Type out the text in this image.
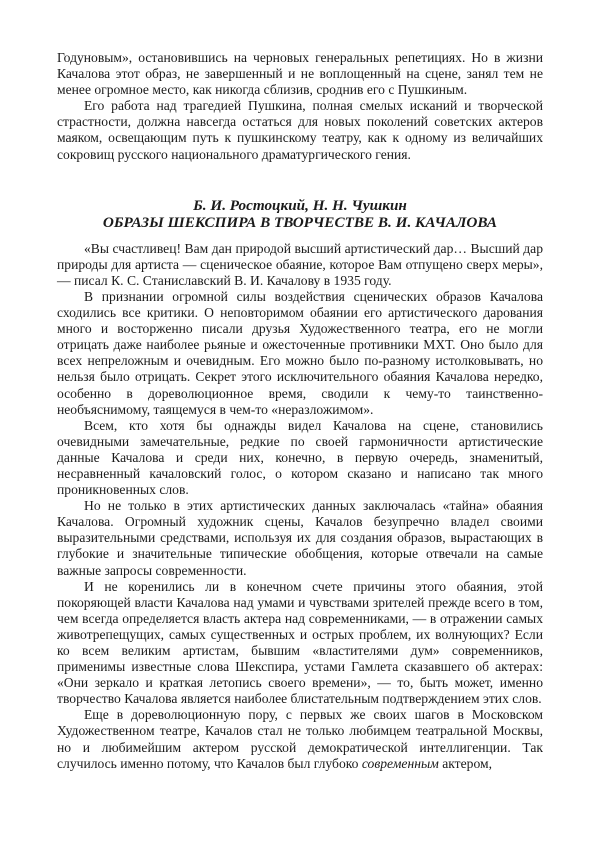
Годуновым», остановившись на черновых генеральных репетициях. Но в жизни Качалова этот образ, не завершенный и не воплощенный на сцене, занял тем не менее огромное место, как никогда сблизив, сроднив его с Пушкиным.

Его работа над трагедией Пушкина, полная смелых исканий и творческой страстности, должна навсегда остаться для новых поколений советских актеров маяком, освещающим путь к пушкинскому театру, как к одному из величайших сокровищ русского национального драматургического гения.

Б. И. Ростоцкий, Н. Н. Чушкин
ОБРАЗЫ ШЕКСПИРА В ТВОРЧЕСТВЕ В. И. КАЧАЛОВА

«Вы счастливец! Вам дан природой высший артистический дар… Высший дар природы для артиста — сценическое обаяние, которое Вам отпущено сверх меры», — писал К. С. Станиславский В. И. Качалову в 1935 году.

В признании огромной силы воздействия сценических образов Качалова сходились все критики. О неповторимом обаянии его артистического дарования много и восторженно писали друзья Художественного театра, его не могли отрицать даже наиболее рьяные и ожесточенные противники МХТ. Оно было для всех непреложным и очевидным. Его можно было по-разному истолковывать, но нельзя было отрицать. Секрет этого исключительного обаяния Качалова нередко, особенно в дореволюционное время, сводили к чему-то таинственно-необъяснимому, таящемуся в чем-то «неразложимом».

Всем, кто хотя бы однажды видел Качалова на сцене, становились очевидными замечательные, редкие по своей гармоничности артистические данные Качалова и среди них, конечно, в первую очередь, знаменитый, несравненный качаловский голос, о котором сказано и написано так много проникновенных слов.

Но не только в этих артистических данных заключалась «тайна» обаяния Качалова. Огромный художник сцены, Качалов безупречно владел своими выразительными средствами, используя их для создания образов, вырастающих в глубокие и значительные типические обобщения, которые отвечали на самые важные запросы современности.

И не коренились ли в конечном счете причины этого обаяния, этой покоряющей власти Качалова над умами и чувствами зрителей прежде всего в том, чем всегда определяется власть актера над современниками, — в отражении самых животрепещущих, самых существенных и острых проблем, их волнующих? Если ко всем великим артистам, бывшим «властителями дум» современников, применимы известные слова Шекспира, устами Гамлета сказавшего об актерах: «Они зеркало и краткая летопись своего времени», — то, быть может, именно творчество Качалова является наиболее блистательным подтверждением этих слов.

Еще в дореволюционную пору, с первых же своих шагов в Московском Художественном театре, Качалов стал не только любимцем театральной Москвы, но и любимейшим актером русской демократической интеллигенции. Так случилось именно потому, что Качалов был глубоко современным актером,
